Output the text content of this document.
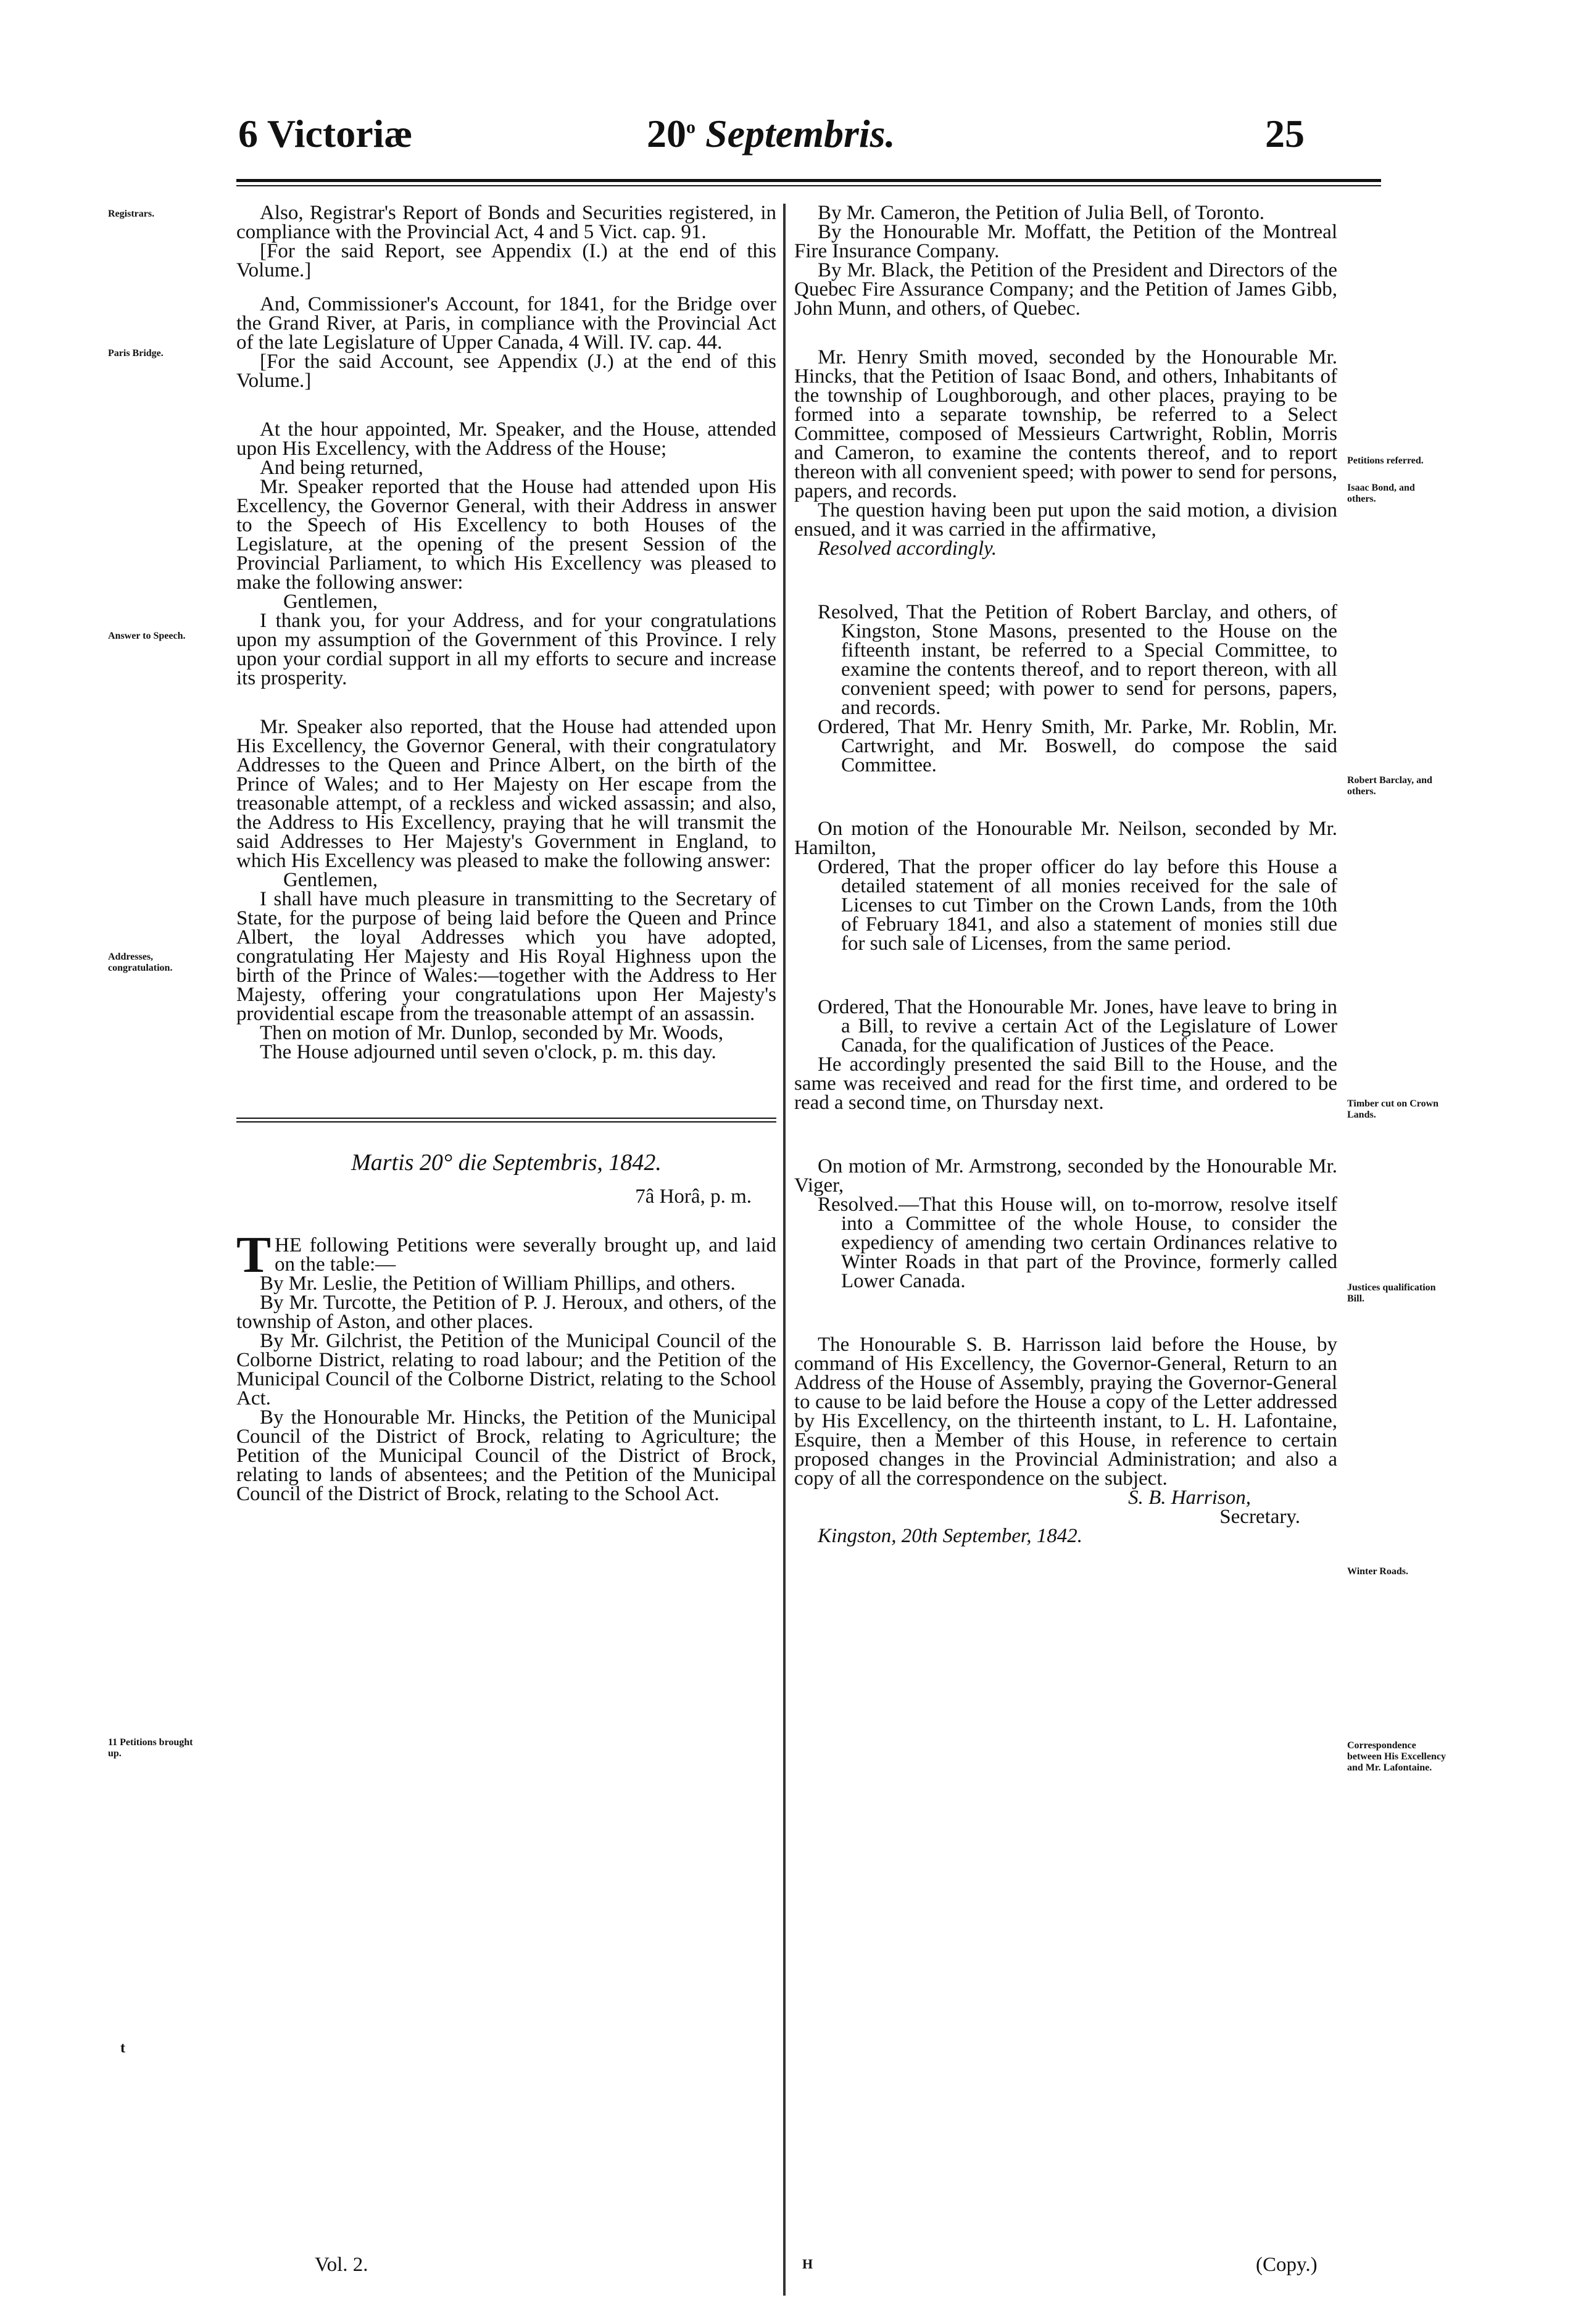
6 Victoriæ	20$^o$ Septembris.	25
Registrars.
Paris Bridge.
Answer to Speech.
Addresses, congratulation.
11 Petitions brought up.
t
Petitions referred.
Isaac Bond, and others.
Robert Barclay, and others.
Timber cut on Crown Lands.
Justices qualification Bill.
Winter Roads.
Correspondence between His Excellency and Mr. Lafontaine.

Also, Registrar's Report of Bonds and Securities registered, in compliance with the Provincial Act, 4 and 5 Vict. cap. 91.

[For the said Report, see Appendix (I.) at the end of this Volume.]

And, Commissioner's Account, for 1841, for the Bridge over the Grand River, at Paris, in compliance with the Provincial Act of the late Legislature of Upper Canada, 4 Will. IV. cap. 44.

[For the said Account, see Appendix (J.) at the end of this Volume.]

At the hour appointed, Mr. Speaker, and the House, attended upon His Excellency, with the Address of the House;

And being returned,

Mr. Speaker reported that the House had attended upon His Excellency, the Governor General, with their Address in answer to the Speech of His Excellency to both Houses of the Legislature, at the opening of the present Session of the Provincial Parliament, to which His Excellency was pleased to make the following answer:

Gentlemen,

I thank you, for your Address, and for your congratulations upon my assumption of the Government of this Province. I rely upon your cordial support in all my efforts to secure and increase its prosperity.

Mr. Speaker also reported, that the House had attended upon His Excellency, the Governor General, with their congratulatory Addresses to the Queen and Prince Albert, on the birth of the Prince of Wales; and to Her Majesty on Her escape from the treasonable attempt, of a reckless and wicked assassin; and also, the Address to His Excellency, praying that he will transmit the said Addresses to Her Majesty's Government in England, to which His Excellency was pleased to make the following answer:

Gentlemen,

I shall have much pleasure in transmitting to the Secretary of State, for the purpose of being laid before the Queen and Prince Albert, the loyal Addresses which you have adopted, congratulating Her Majesty and His Royal Highness upon the birth of the Prince of Wales:—together with the Address to Her Majesty, offering your congratulations upon Her Majesty's providential escape from the treasonable attempt of an assassin.

Then on motion of Mr. Dunlop, seconded by Mr. Woods,

The House adjourned until seven o'clock, p. m. this day.

Martis 20° die Septembris, 1842.

7â Horâ, p. m.

THE following Petitions were severally brought up, and laid on the table:—

By Mr. Leslie, the Petition of William Phillips, and others.

By Mr. Turcotte, the Petition of P. J. Heroux, and others, of the township of Aston, and other places.

By Mr. Gilchrist, the Petition of the Municipal Council of the Colborne District, relating to road labour; and the Petition of the Municipal Council of the Colborne District, relating to the School Act.

By the Honourable Mr. Hincks, the Petition of the Municipal Council of the District of Brock, relating to Agriculture; the Petition of the Municipal Council of the District of Brock, relating to lands of absentees; and the Petition of the Municipal Council of the District of Brock, relating to the School Act.

By Mr. Cameron, the Petition of Julia Bell, of Toronto.

By the Honourable Mr. Moffatt, the Petition of the Montreal Fire Insurance Company.

By Mr. Black, the Petition of the President and Directors of the Quebec Fire Assurance Company; and the Petition of James Gibb, John Munn, and others, of Quebec.

Mr. Henry Smith moved, seconded by the Honourable Mr. Hincks, that the Petition of Isaac Bond, and others, Inhabitants of the township of Loughborough, and other places, praying to be formed into a separate township, be referred to a Select Committee, composed of Messieurs Cartwright, Roblin, Morris and Cameron, to examine the contents thereof, and to report thereon with all convenient speed; with power to send for persons, papers, and records.

The question having been put upon the said motion, a division ensued, and it was carried in the affirmative,

Resolved accordingly.

Resolved, That the Petition of Robert Barclay, and others, of Kingston, Stone Masons, presented to the House on the fifteenth instant, be referred to a Special Committee, to examine the contents thereof, and to report thereon, with all convenient speed; with power to send for persons, papers, and records.

Ordered, That Mr. Henry Smith, Mr. Parke, Mr. Roblin, Mr. Cartwright, and Mr. Boswell, do compose the said Committee.

On motion of the Honourable Mr. Neilson, seconded by Mr. Hamilton,

Ordered, That the proper officer do lay before this House a detailed statement of all monies received for the sale of Licenses to cut Timber on the Crown Lands, from the 10th of February 1841, and also a statement of monies still due for such sale of Licenses, from the same period.

Ordered, That the Honourable Mr. Jones, have leave to bring in a Bill, to revive a certain Act of the Legislature of Lower Canada, for the qualification of Justices of the Peace.

He accordingly presented the said Bill to the House, and the same was received and read for the first time, and ordered to be read a second time, on Thursday next.

On motion of Mr. Armstrong, seconded by the Honourable Mr. Viger,

Resolved.—That this House will, on to-morrow, resolve itself into a Committee of the whole House, to consider the expediency of amending two certain Ordinances relative to Winter Roads in that part of the Province, formerly called Lower Canada.

The Honourable S. B. Harrisson laid before the House, by command of His Excellency, the Governor-General, Return to an Address of the House of Assembly, praying the Governor-General to cause to be laid before the House a copy of the Letter addressed by His Excellency, on the thirteenth instant, to L. H. Lafontaine, Esquire, then a Member of this House, in reference to certain proposed changes in the Provincial Administration; and also a copy of all the correspondence on the subject.

S. B. Harrison,

Secretary.

Kingston, 20th September, 1842.

Vol. 2.	H	(Copy.)
